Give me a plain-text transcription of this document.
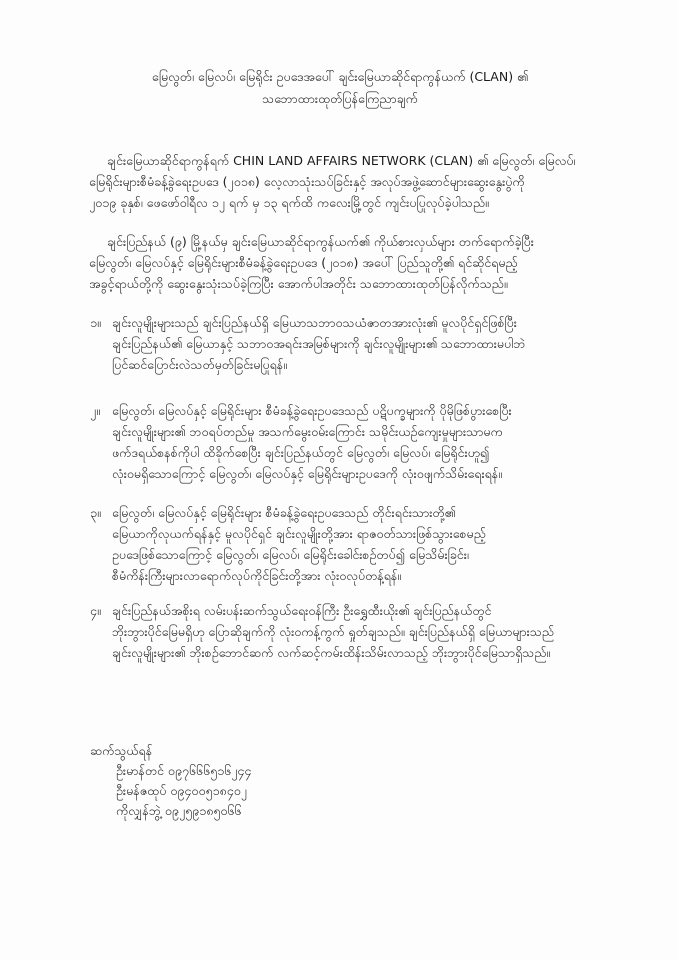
မြေလွတ်၊ မြေလပ်၊ မြေရိုင်း ဥပဒေအပေါ် ချင်းမြေယာဆိုင်ရာကွန်ယက် (CLAN) ၏
သဘောထားထုတ်ပြန်ကြေညာချက်
ချင်းမြေယာဆိုင်ရာကွန်ရက် CHIN LAND AFFAIRS NETWORK (CLAN) ၏ မြေလွတ်၊ မြေလပ်၊
မြေရိုင်းများစီမံခန့်ခွဲရေးဥပဒေ (၂၀၁၈) လေ့လာသုံးသပ်ခြင်းနှင့် အလုပ်အဖွဲ့ဆောင်များဆွေးနွေးပွဲကို
၂၀၁၉ ခုနှစ်၊ ဖေဖော်ဝါရီလ ၁၂ ရက် မှ ၁၃ ရက်ထိ ကလေးမြို့တွင် ကျင်းပပြုလုပ်ခဲ့ပါသည်။
ချင်းပြည်နယ် (၉) မြို့နယ်မှ ချင်းမြေယာဆိုင်ရာကွန်ယက်၏ ကိုယ်စားလှယ်များ တက်ရောက်ခဲ့ပြီး
မြေလွတ်၊ မြေလပ်နှင့် မြေရိုင်းများစီမံခန့်ခွဲရေးဥပဒေ (၂၀၁၈) အပေါ် ပြည်သူတို့၏ ရင်ဆိုင်ရမည့်
အခွင့်ရာယ်တို့ကို ဆွေးနွေးသုံးသပ်ခဲ့ကြပြီး အောက်ပါအတိုင်း သဘောထားထုတ်ပြန်လိုက်သည်။
၁။ ချင်းလူမျိုးများသည် ချင်းပြည်နယ်ရှိ မြေယာသဘာဝသယံဇာတအားလုံး၏ မူလပိုင်ရှင်ဖြစ်ပြီး
ချင်းပြည်နယ်၏ မြေယာနှင့် သဘာဝအရင်းအမြစ်များကို ချင်းလူမျိုးများ၏ သဘောထားမပါဘဲ
ပြင်ဆင်ပြောင်းလဲသတ်မှတ်ခြင်းမပြုရန်။
၂။ မြေလွတ်၊ မြေလပ်နှင့် မြေရိုင်းများ စီမံခန့်ခွဲရေးဥပဒေသည် ပဋိပက္ခများကို ပိုမိုဖြစ်ပွားစေပြီး
ချင်းလူမျိုးများ၏ ဘဝရပ်တည်မှု အသက်မွေးဝမ်းကြောင်း သမိုင်းယဉ်ကျေးမှုများသာမက
ဖက်ဒရယ်စနစ်ကိုပါ ထိခိုက်စေပြီး ချင်းပြည်နယ်တွင် မြေလွတ်၊ မြေလပ်၊ မြေရိုင်းဟူ၍
လုံးဝမရှိသောကြောင့် မြေလွတ်၊ မြေလပ်နှင့် မြေရိုင်းများဥပဒေကို လုံးဝဖျက်သိမ်းရေးရန်။
၃။ မြေလွတ်၊ မြေလပ်နှင့် မြေရိုင်းများ စီမံခန့်ခွဲရေးဥပဒေသည် တိုင်းရင်းသားတို့၏
မြေယာကိုလုယက်ရန်နှင့် မူလပိုင်ရှင် ချင်းလူမျိုးတို့အား ရာဇဝတ်သားဖြစ်သွားစေမည့်
ဥပဒေဖြစ်သောကြောင့် မြေလွတ်၊ မြေလပ်၊ မြေရိုင်းခေါင်းစဉ်တပ်၍ မြေသိမ်းခြင်း၊
စီမံကိန်းကြီးများလာရောက်လုပ်ကိုင်ခြင်းတို့အား လုံးဝလုပ်တန့်ရန်။
၄။ ချင်းပြည်နယ်အစိုးရ လမ်းပန်းဆက်သွယ်ရေးဝန်ကြီး ဦးရွှေထီးယိုး၏ ချင်းပြည်နယ်တွင်
ဘိုးဘွားပိုင်မြေမရှိဟု ပြောဆိုချက်ကို လုံးဝကန့်ကွက် ရှုတ်ချသည်။ ချင်းပြည်နယ်ရှိ မြေယာများသည်
ချင်းလူမျိုးများ၏ ဘိုးစဉ်ဘောင်ဆက် လက်ဆင့်ကမ်းထိန်းသိမ်းလာသည့် ဘိုးဘွားပိုင်မြေသာရှိသည်။
ဆက်သွယ်ရန်
ဦးမာန်တင် ၀၉၇၆၆၆၅၁၆၂၄၄
ဦးမန်ဇထုပ် ၀၉၄၀၀၅၁၈၄၀၂
ကိုလျှန်ဘွဲ့ ၀၉၂၅၉၁၈၅၀၆၆
